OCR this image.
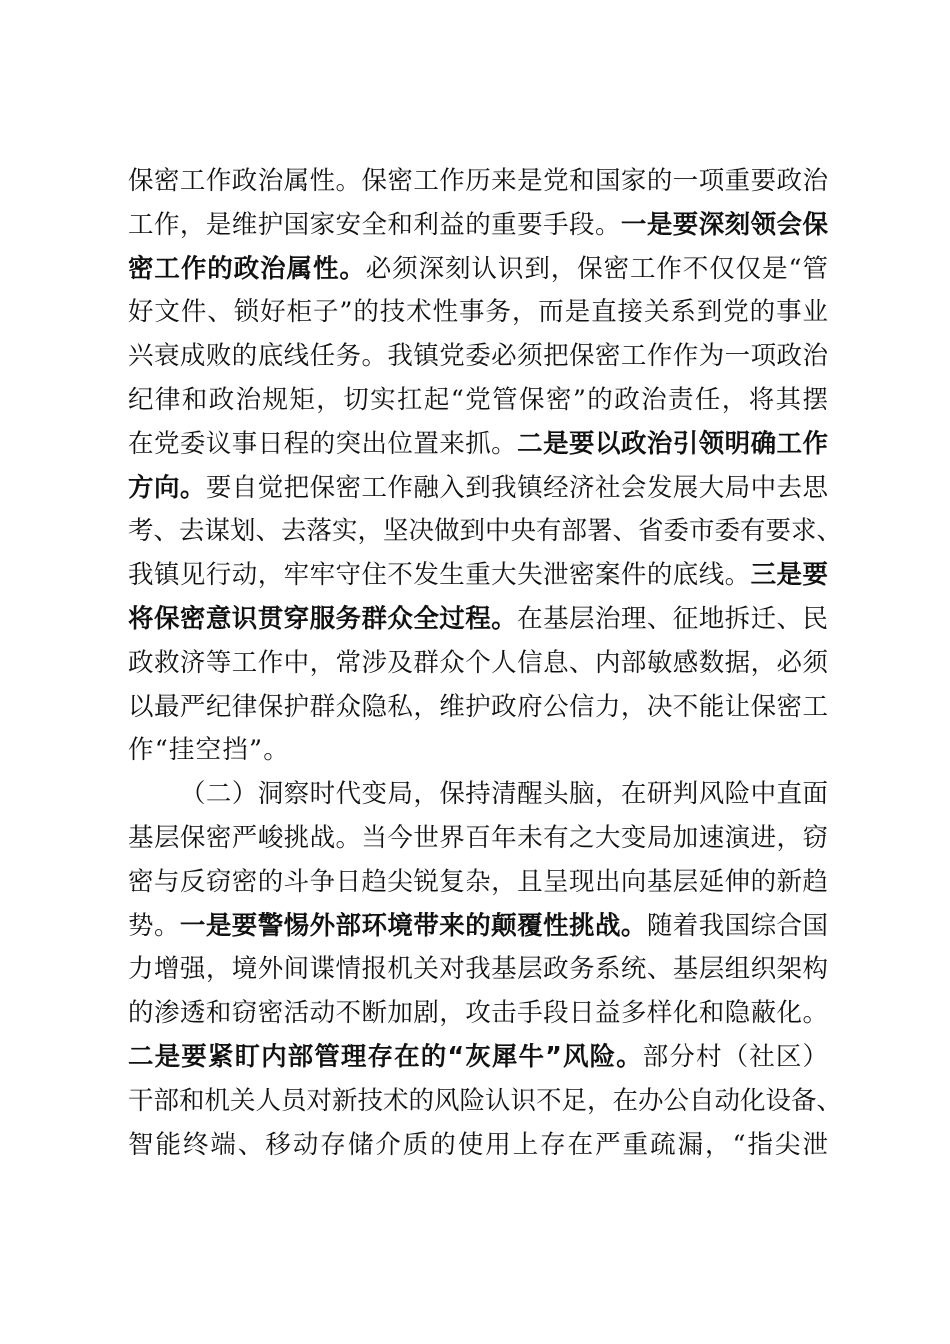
保密工作政治属性。保密工作历来是党和国家的一项重要政治
工作，是维护国家安全和利益的重要手段。一是要深刻领会保
密工作的政治属性。必须深刻认识到，保密工作不仅仅是“管
好文件、锁好柜子”的技术性事务，而是直接关系到党的事业
兴衰成败的底线任务。我镇党委必须把保密工作作为一项政治
纪律和政治规矩，切实扛起“党管保密”的政治责任，将其摆
在党委议事日程的突出位置来抓。二是要以政治引领明确工作
方向。要自觉把保密工作融入到我镇经济社会发展大局中去思
考、去谋划、去落实，坚决做到中央有部署、省委市委有要求、
我镇见行动，牢牢守住不发生重大失泄密案件的底线。三是要
将保密意识贯穿服务群众全过程。在基层治理、征地拆迁、民
政救济等工作中，常涉及群众个人信息、内部敏感数据，必须
以最严纪律保护群众隐私，维护政府公信力，决不能让保密工
作“挂空挡”。
（二）洞察时代变局，保持清醒头脑，在研判风险中直面
基层保密严峻挑战。当今世界百年未有之大变局加速演进，窃
密与反窃密的斗争日趋尖锐复杂，且呈现出向基层延伸的新趋
势。一是要警惕外部环境带来的颠覆性挑战。随着我国综合国
力增强，境外间谍情报机关对我基层政务系统、基层组织架构
的渗透和窃密活动不断加剧，攻击手段日益多样化和隐蔽化。
二是要紧盯内部管理存在的“灰犀牛”风险。部分村（社区）
干部和机关人员对新技术的风险认识不足，在办公自动化设备、
智能终端、移动存储介质的使用上存在严重疏漏，“指尖泄
